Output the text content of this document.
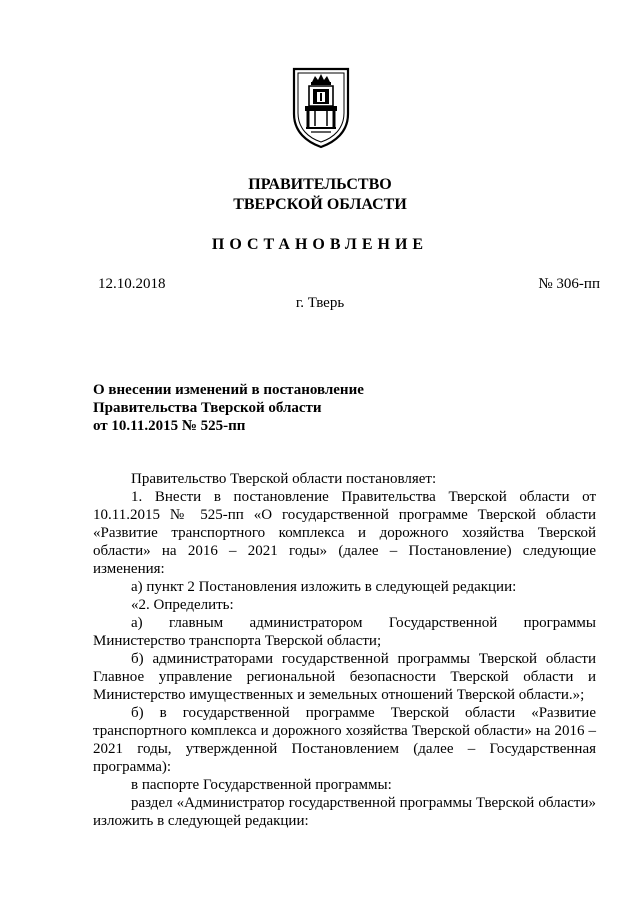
ПРАВИТЕЛЬСТВО
ТВЕРСКОЙ ОБЛАСТИ
ПОСТАНОВЛЕНИЕ
12.10.2018	№ 306-пп
г. Тверь
О внесении изменений в постановление
Правительства Тверской области
от 10.11.2015 № 525-пп

Правительство Тверской области постановляет:

1. Внести в постановление Правительства Тверской области от 10.11.2015 № 525-пп «О государственной программе Тверской области «Развитие транспортного комплекса и дорожного хозяйства Тверской области» на 2016 – 2021 годы» (далее – Постановление) следующие изменения:

а) пункт 2 Постановления изложить в следующей редакции:

«2. Определить:

а) главным администратором Государственной программы Министерство транспорта Тверской области;

б) администраторами государственной программы Тверской области Главное управление региональной безопасности Тверской области и Министерство имущественных и земельных отношений Тверской области.»;

б) в государственной программе Тверской области «Развитие транспортного комплекса и дорожного хозяйства Тверской области» на 2016 – 2021 годы, утвержденной Постановлением (далее – Государственная программа):

в паспорте Государственной программы:

раздел «Администратор государственной программы Тверской области» изложить в следующей редакции:
